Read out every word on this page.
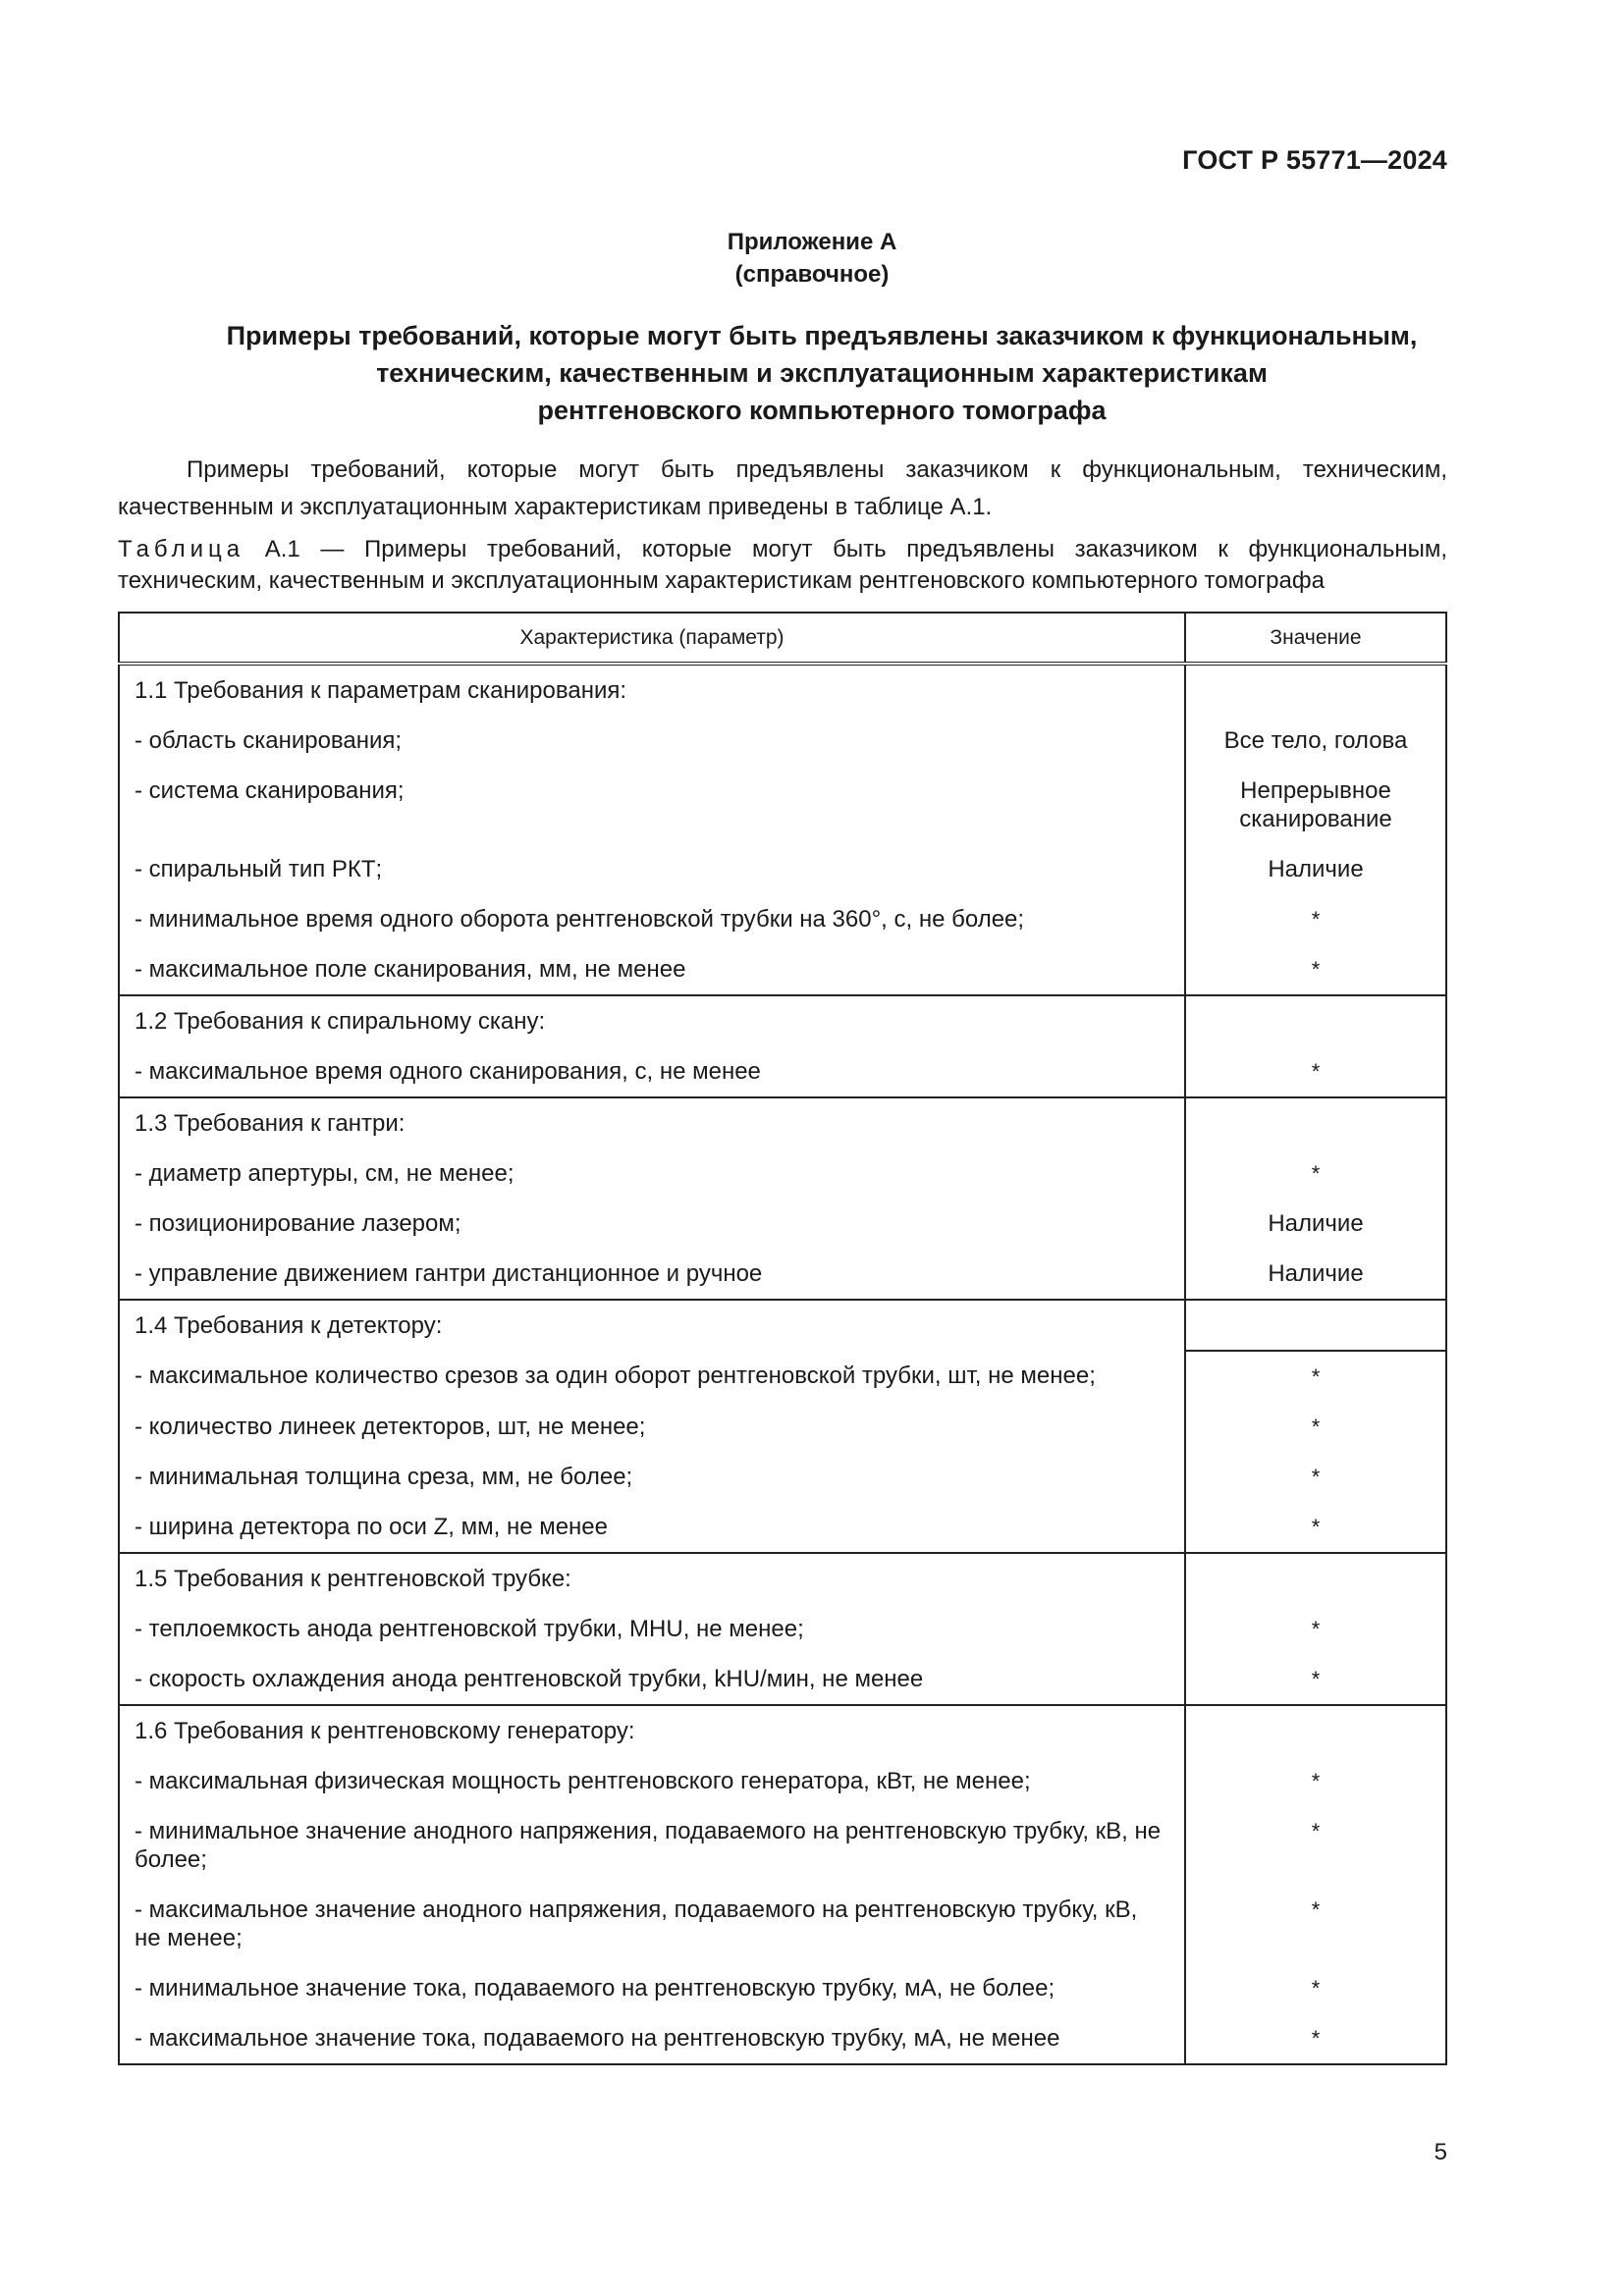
ГОСТ Р 55771—2024
Приложение А
(справочное)
Примеры требований, которые могут быть предъявлены заказчиком к функциональным,
техническим, качественным и эксплуатационным характеристикам
рентгеновского компьютерного томографа
Примеры требований, которые могут быть предъявлены заказчиком к функциональным, техническим, качественным и эксплуатационным характеристикам приведены в таблице А.1.
Таблица А.1 — Примеры требований, которые могут быть предъявлены заказчиком к функциональным, техническим, качественным и эксплуатационным характеристикам рентгеновского компьютерного томографа
Характеристика (параметр)	Значение
1.1 Требования к параметрам сканирования:	
- область сканирования;	Все тело, голова
- система сканирования;	Непрерывное сканирование
- спиральный тип РКТ;	Наличие
- минимальное время одного оборота рентгеновской трубки на 360°, с, не более;	*
- максимальное поле сканирования, мм, не менее	*
1.2 Требования к спиральному скану:	
- максимальное время одного сканирования, с, не менее	*
1.3 Требования к гантри:	
- диаметр апертуры, см, не менее;	*
- позиционирование лазером;	Наличие
- управление движением гантри дистанционное и ручное	Наличие
1.4 Требования к детектору:	
- максимальное количество срезов за один оборот рентгеновской трубки, шт, не менее;	*
- количество линеек детекторов, шт, не менее;	*
- минимальная толщина среза, мм, не более;	*
- ширина детектора по оси Z, мм, не менее	*
1.5 Требования к рентгеновской трубке:	
- теплоемкость анода рентгеновской трубки, MHU, не менее;	*
- скорость охлаждения анода рентгеновской трубки, kHU/мин, не менее	*
1.6 Требования к рентгеновскому генератору:	
- максимальная физическая мощность рентгеновского генератора, кВт, не менее;	*
- минимальное значение анодного напряжения, подаваемого на рентгеновскую трубку, кВ, не более;	*
- максимальное значение анодного напряжения, подаваемого на рентгеновскую трубку, кВ, не менее;	*
- минимальное значение тока, подаваемого на рентгеновскую трубку, мА, не более;	*
- максимальное значение тока, подаваемого на рентгеновскую трубку, мА, не менее	*
5
